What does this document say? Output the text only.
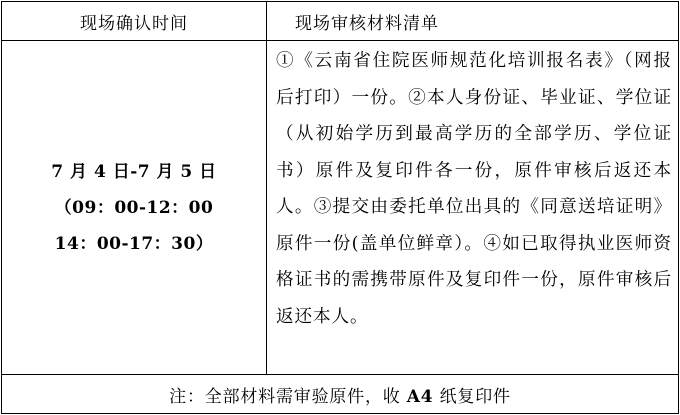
现场确认时间	现场审核材料清单

7 月 4 日-7 月 5 日
（09：00-12：00
14：00-17：30）	①《云南省住院医师规范化培训报名表》（网报后打印）一份。②本人身份证、毕业证、学位证（从初始学历到最高学历的全部学历、学位证书）原件及复印件各一份，原件审核后返还本人。③提交由委托单位出具的《同意送培证明》原件一份(盖单位鲜章）。④如已取得执业医师资格证书的需携带原件及复印件一份，原件审核后返还本人。

注：全部材料需审验原件，收 A4 纸复印件	
